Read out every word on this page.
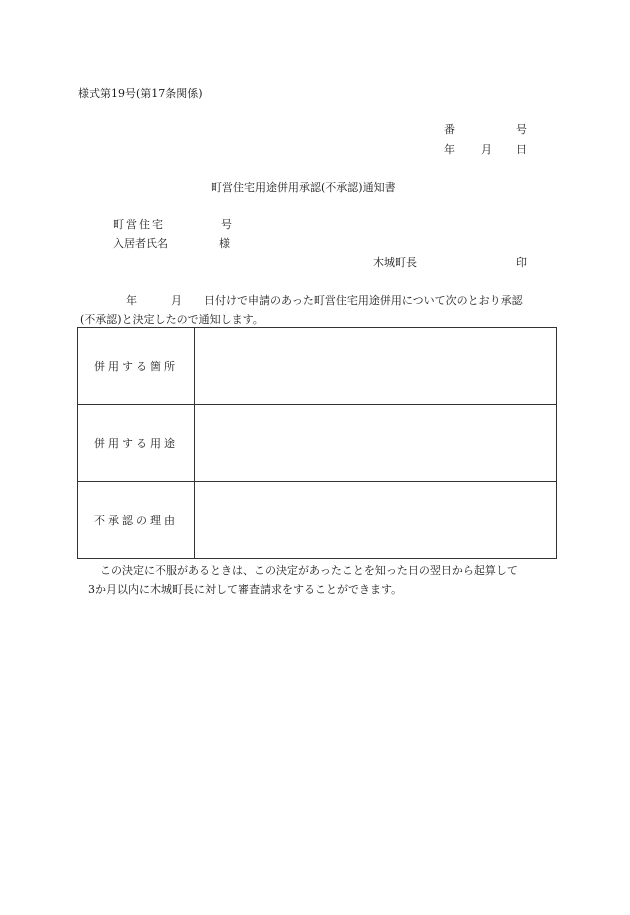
様式第19号(第17条関係)
番	号
年 月 日
町営住宅用途併用承認(不承認)通知書
町営住宅	号
入居者氏名	様
木城町長	印
年	月 日付けで申請のあった町営住宅用途併用について次のとおり承認
(不承認)と決定したので通知します。
併用する箇所	
併用する用途	
不承認の理由	
この決定に不服があるときは、この決定があったことを知った日の翌日から起算して
3か月以内に木城町長に対して審査請求をすることができます。
